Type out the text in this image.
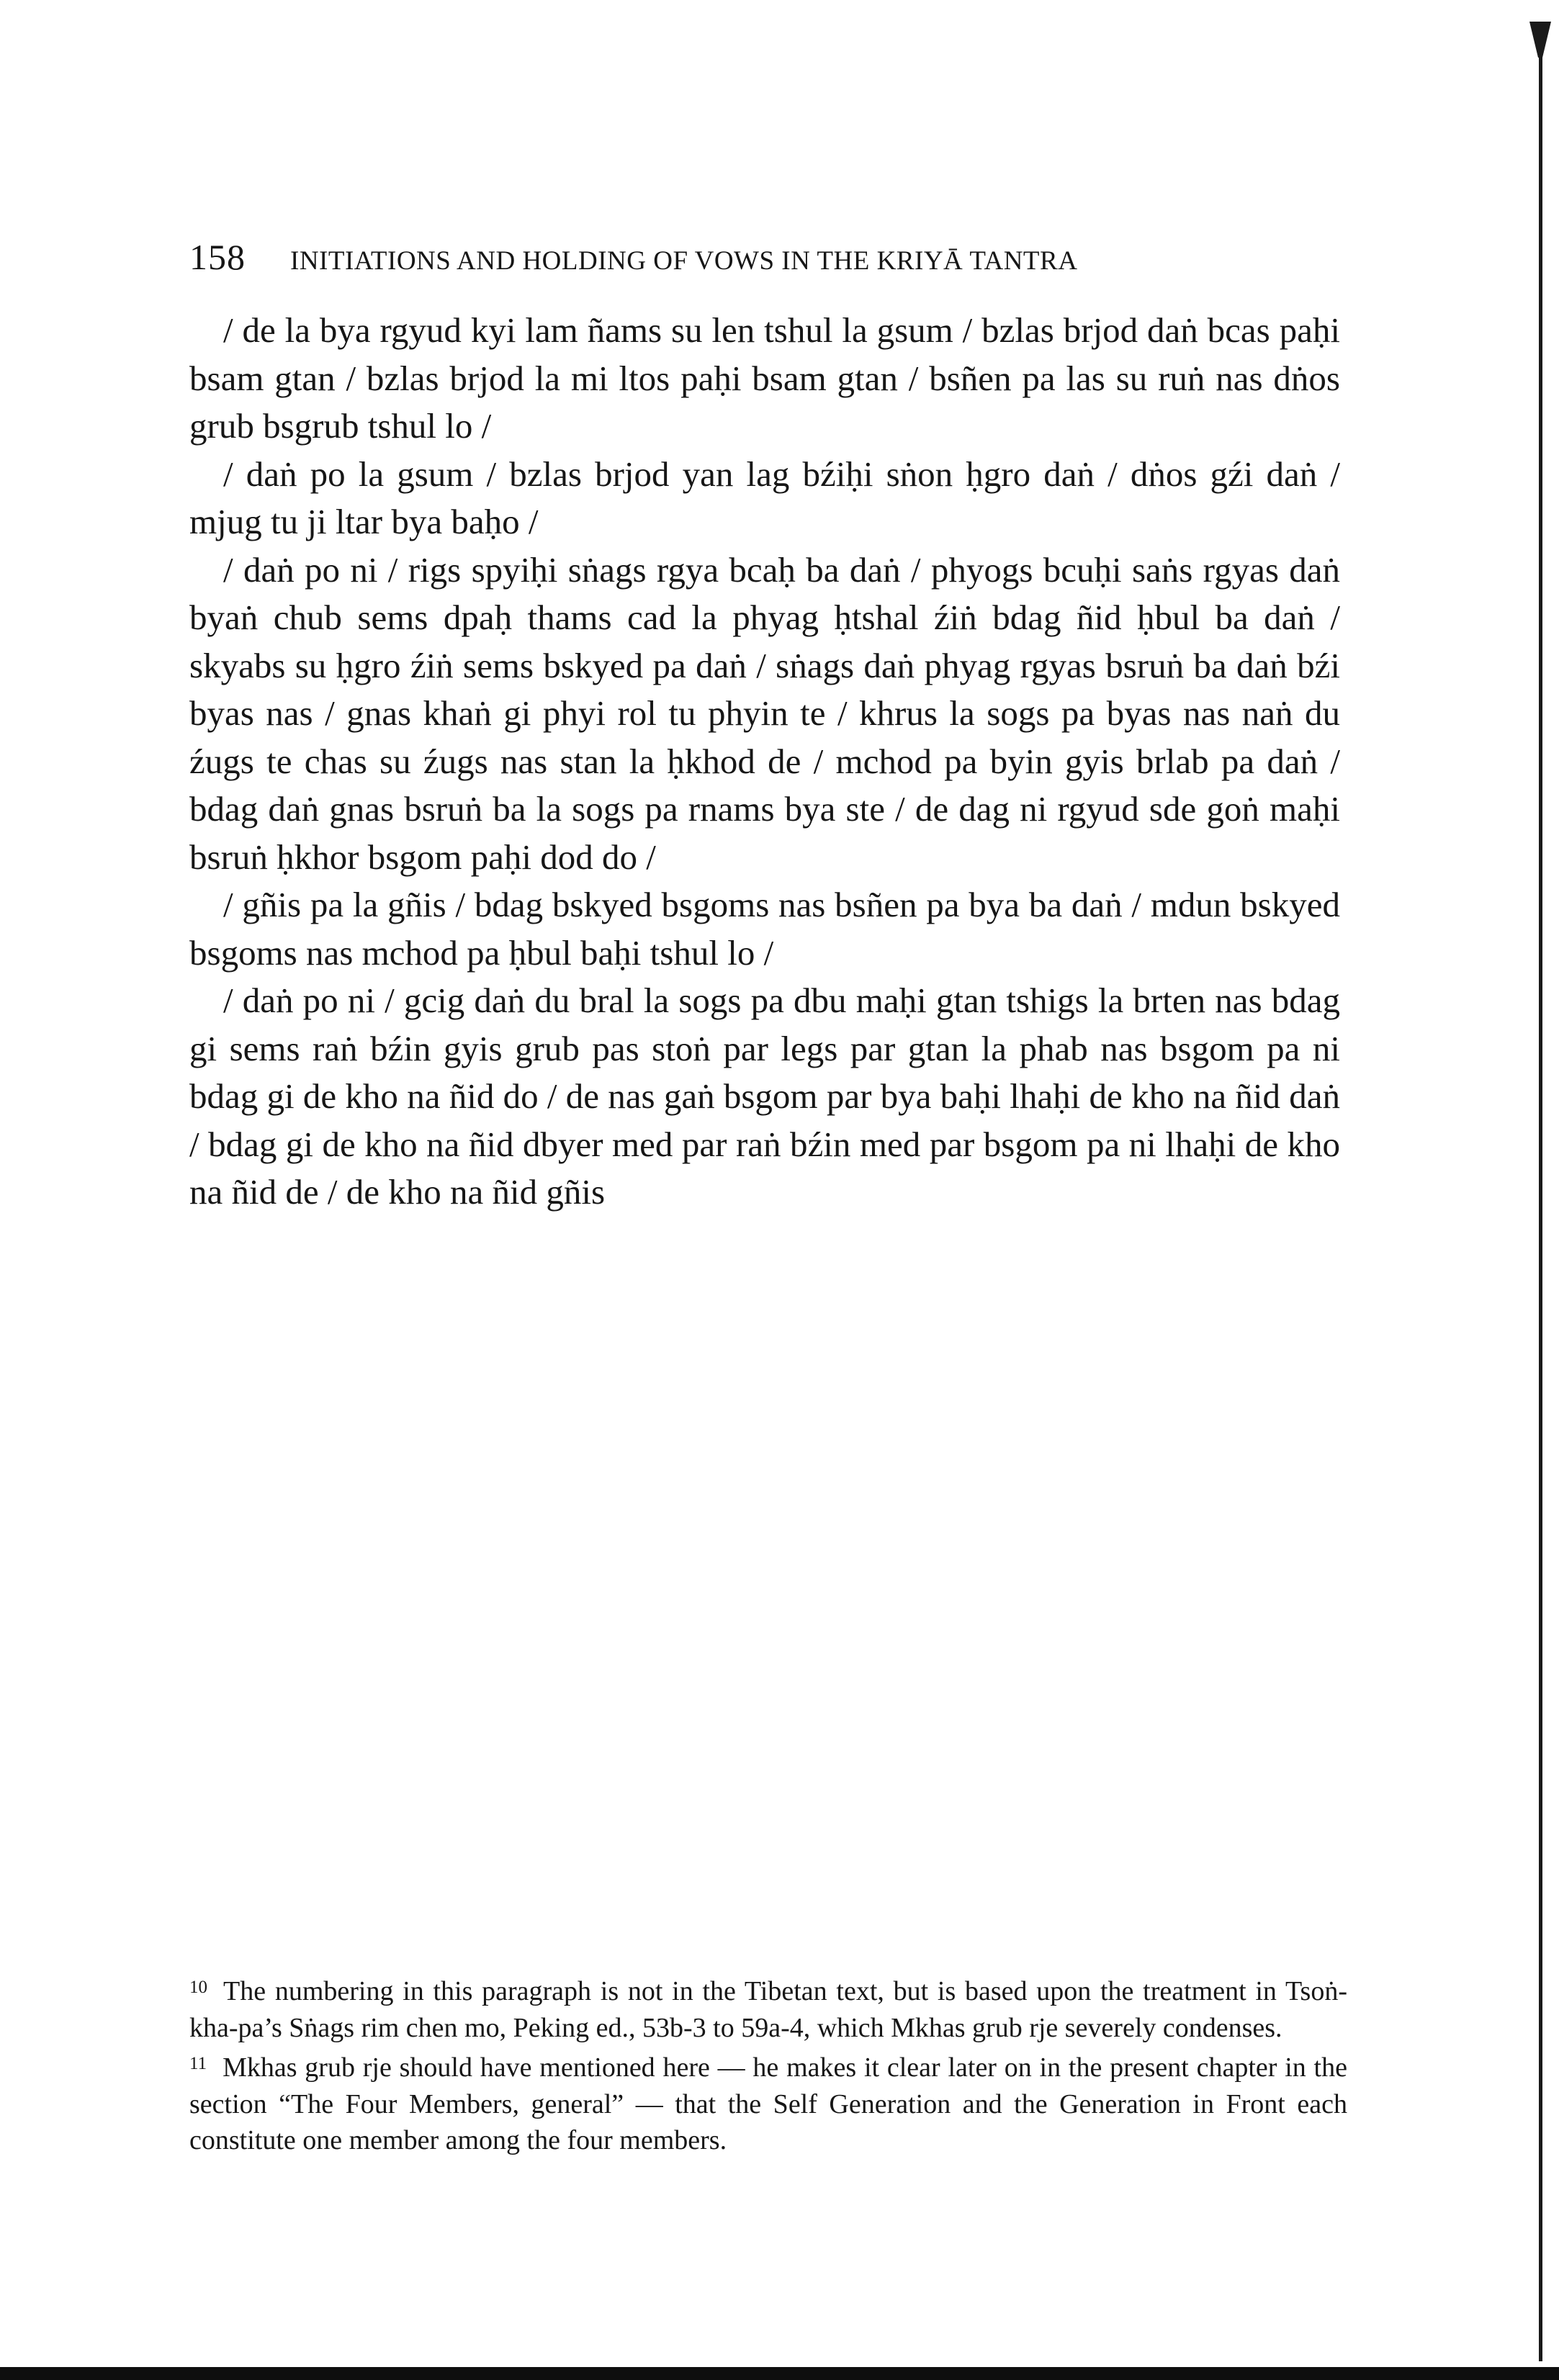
158 INITIATIONS AND HOLDING OF VOWS IN THE KRIYĀ TANTRA

/ de la bya rgyud kyi lam ñams su len tshul la gsum / bzlas brjod daṅ bcas paḥi bsam gtan / bzlas brjod la mi ltos paḥi bsam gtan / bsñen pa las su ruṅ nas dṅos grub bsgrub tshul lo /

/ daṅ po la gsum / bzlas brjod yan lag bźiḥi sṅon ḥgro daṅ / dṅos gźi daṅ / mjug tu ji ltar bya baḥo /

/ daṅ po ni / rigs spyiḥi sṅags rgya bcaḥ ba daṅ / phyogs bcuḥi saṅs rgyas daṅ byaṅ chub sems dpaḥ thams cad la phyag ḥtshal źiṅ bdag ñid ḥbul ba daṅ / skyabs su ḥgro źiṅ sems bskyed pa daṅ / sṅags daṅ phyag rgyas bsruṅ ba daṅ bźi byas nas / gnas khaṅ gi phyi rol tu phyin te / khrus la sogs pa byas nas naṅ du źugs te chas su źugs nas stan la ḥkhod de / mchod pa byin gyis brlab pa daṅ / bdag daṅ gnas bsruṅ ba la sogs pa rnams bya ste / de dag ni rgyud sde goṅ maḥi bsruṅ ḥkhor bsgom paḥi dod do /

/ gñis pa la gñis / bdag bskyed bsgoms nas bsñen pa bya ba daṅ / mdun bskyed bsgoms nas mchod pa ḥbul baḥi tshul lo /

/ daṅ po ni / gcig daṅ du bral la sogs pa dbu maḥi gtan tshigs la brten nas bdag gi sems raṅ bźin gyis grub pas stoṅ par legs par gtan la phab nas bsgom pa ni bdag gi de kho na ñid do / de nas gaṅ bsgom par bya baḥi lhaḥi de kho na ñid daṅ / bdag gi de kho na ñid dbyer med par raṅ bźin med par bsgom pa ni lhaḥi de kho na ñid de / de kho na ñid gñis

$^{10}$ The numbering in this paragraph is not in the Tibetan text, but is based upon the treatment in Tsoṅ-kha-pa’s Sṅags rim chen mo, Peking ed., 53b-3 to 59a-4, which Mkhas grub rje severely condenses.

$^{11}$ Mkhas grub rje should have mentioned here — he makes it clear later on in the present chapter in the section “The Four Members, general” — that the Self Generation and the Generation in Front each constitute one member among the four members.
